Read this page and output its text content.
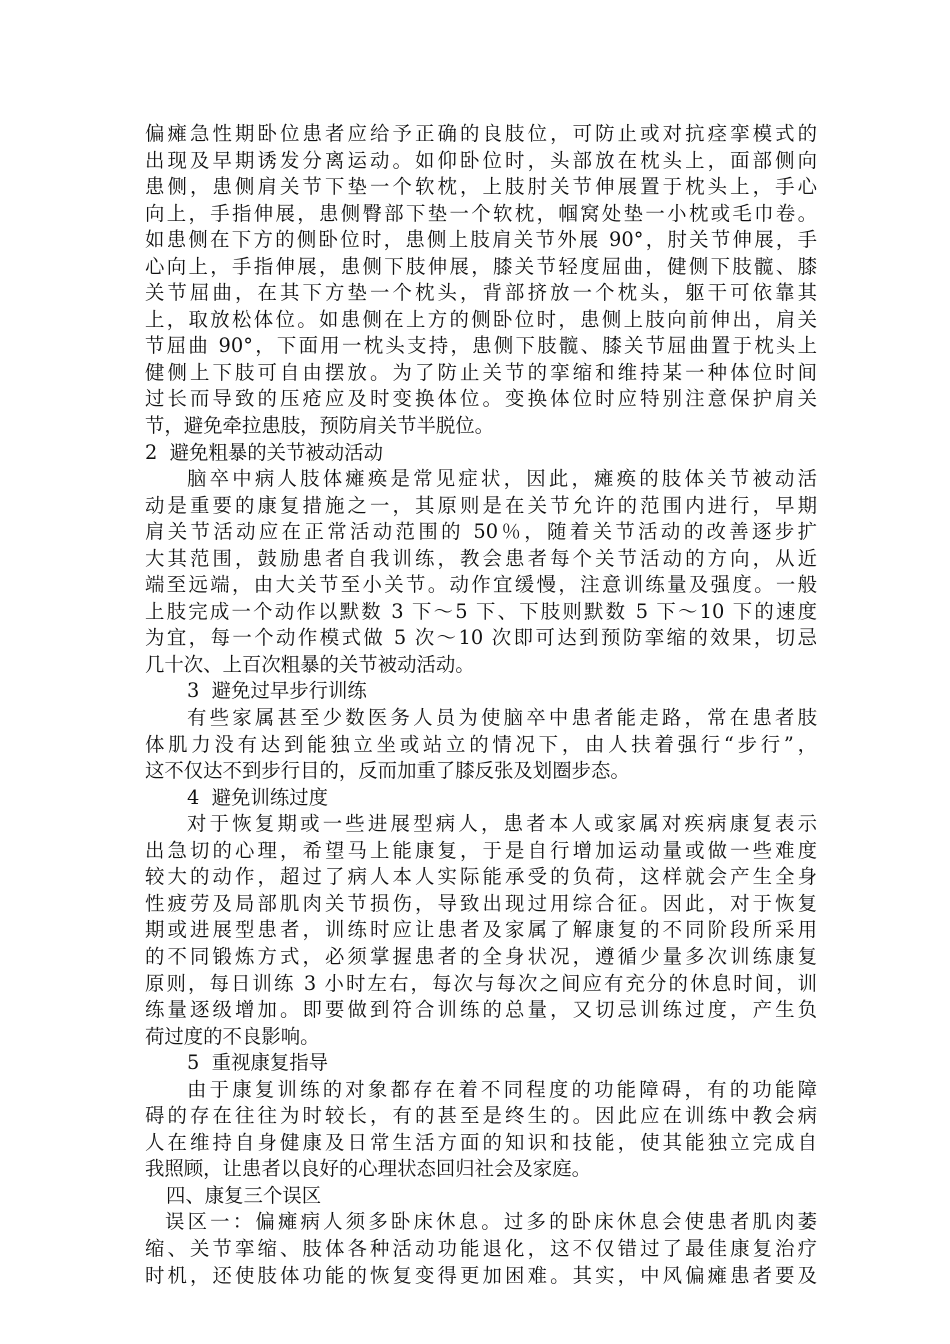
偏瘫急性期卧位患者应给予正确的良肢位，可防止或对抗痉挛模式的
出现及早期诱发分离运动。如仰卧位时，头部放在枕头上，面部侧向
患侧，患侧肩关节下垫一个软枕，上肢肘关节伸展置于枕头上，手心
向上，手指伸展，患侧臀部下垫一个软枕，帼窝处垫一小枕或毛巾卷。
如患侧在下方的侧卧位时，患侧上肢肩关节外展 90°，肘关节伸展，手
心向上，手指伸展，患侧下肢伸展，膝关节轻度屈曲，健侧下肢髋、膝
关节屈曲，在其下方垫一个枕头，背部挤放一个枕头，躯干可依靠其
上，取放松体位。如患侧在上方的侧卧位时，患侧上肢向前伸出，肩关
节屈曲 90°，下面用一枕头支持，患侧下肢髋、膝关节屈曲置于枕头上
健侧上下肢可自由摆放。为了防止关节的挛缩和维持某一种体位时间
过长而导致的压疮应及时变换体位。变换体位时应特别注意保护肩关
节，避免牵拉患肢，预防肩关节半脱位。
2  避免粗暴的关节被动活动
脑卒中病人肢体瘫痪是常见症状，因此，瘫痪的肢体关节被动活
动是重要的康复措施之一，其原则是在关节允许的范围内进行，早期
肩关节活动应在正常活动范围的 50％，随着关节活动的改善逐步扩
大其范围，鼓励患者自我训练，教会患者每个关节活动的方向，从近
端至远端，由大关节至小关节。动作宜缓慢，注意训练量及强度。一般
上肢完成一个动作以默数 3 下～5 下、下肢则默数 5 下～10 下的速度
为宜，每一个动作模式做 5 次～10 次即可达到预防挛缩的效果，切忌
几十次、上百次粗暴的关节被动活动。
3  避免过早步行训练
有些家属甚至少数医务人员为使脑卒中患者能走路，常在患者肢
体肌力没有达到能独立坐或站立的情况下，由人扶着强行“步行”，
这不仅达不到步行目的，反而加重了膝反张及划圈步态。
4  避免训练过度
对于恢复期或一些进展型病人，患者本人或家属对疾病康复表示
出急切的心理，希望马上能康复，于是自行增加运动量或做一些难度
较大的动作，超过了病人本人实际能承受的负荷，这样就会产生全身
性疲劳及局部肌肉关节损伤，导致出现过用综合征。因此，对于恢复
期或进展型患者，训练时应让患者及家属了解康复的不同阶段所采用
的不同锻炼方式，必须掌握患者的全身状况，遵循少量多次训练康复
原则，每日训练 3 小时左右，每次与每次之间应有充分的休息时间，训
练量逐级增加。即要做到符合训练的总量，又切忌训练过度，产生负
荷过度的不良影响。
5  重视康复指导
由于康复训练的对象都存在着不同程度的功能障碍，有的功能障
碍的存在往往为时较长，有的甚至是终生的。因此应在训练中教会病
人在维持自身健康及日常生活方面的知识和技能，使其能独立完成自
我照顾，让患者以良好的心理状态回归社会及家庭。
四、康复三个误区
误区一：偏瘫病人须多卧床休息。过多的卧床休息会使患者肌肉萎
缩、关节挛缩、肢体各种活动功能退化，这不仅错过了最佳康复治疗
时机，还使肢体功能的恢复变得更加困难。其实，中风偏瘫患者要及
